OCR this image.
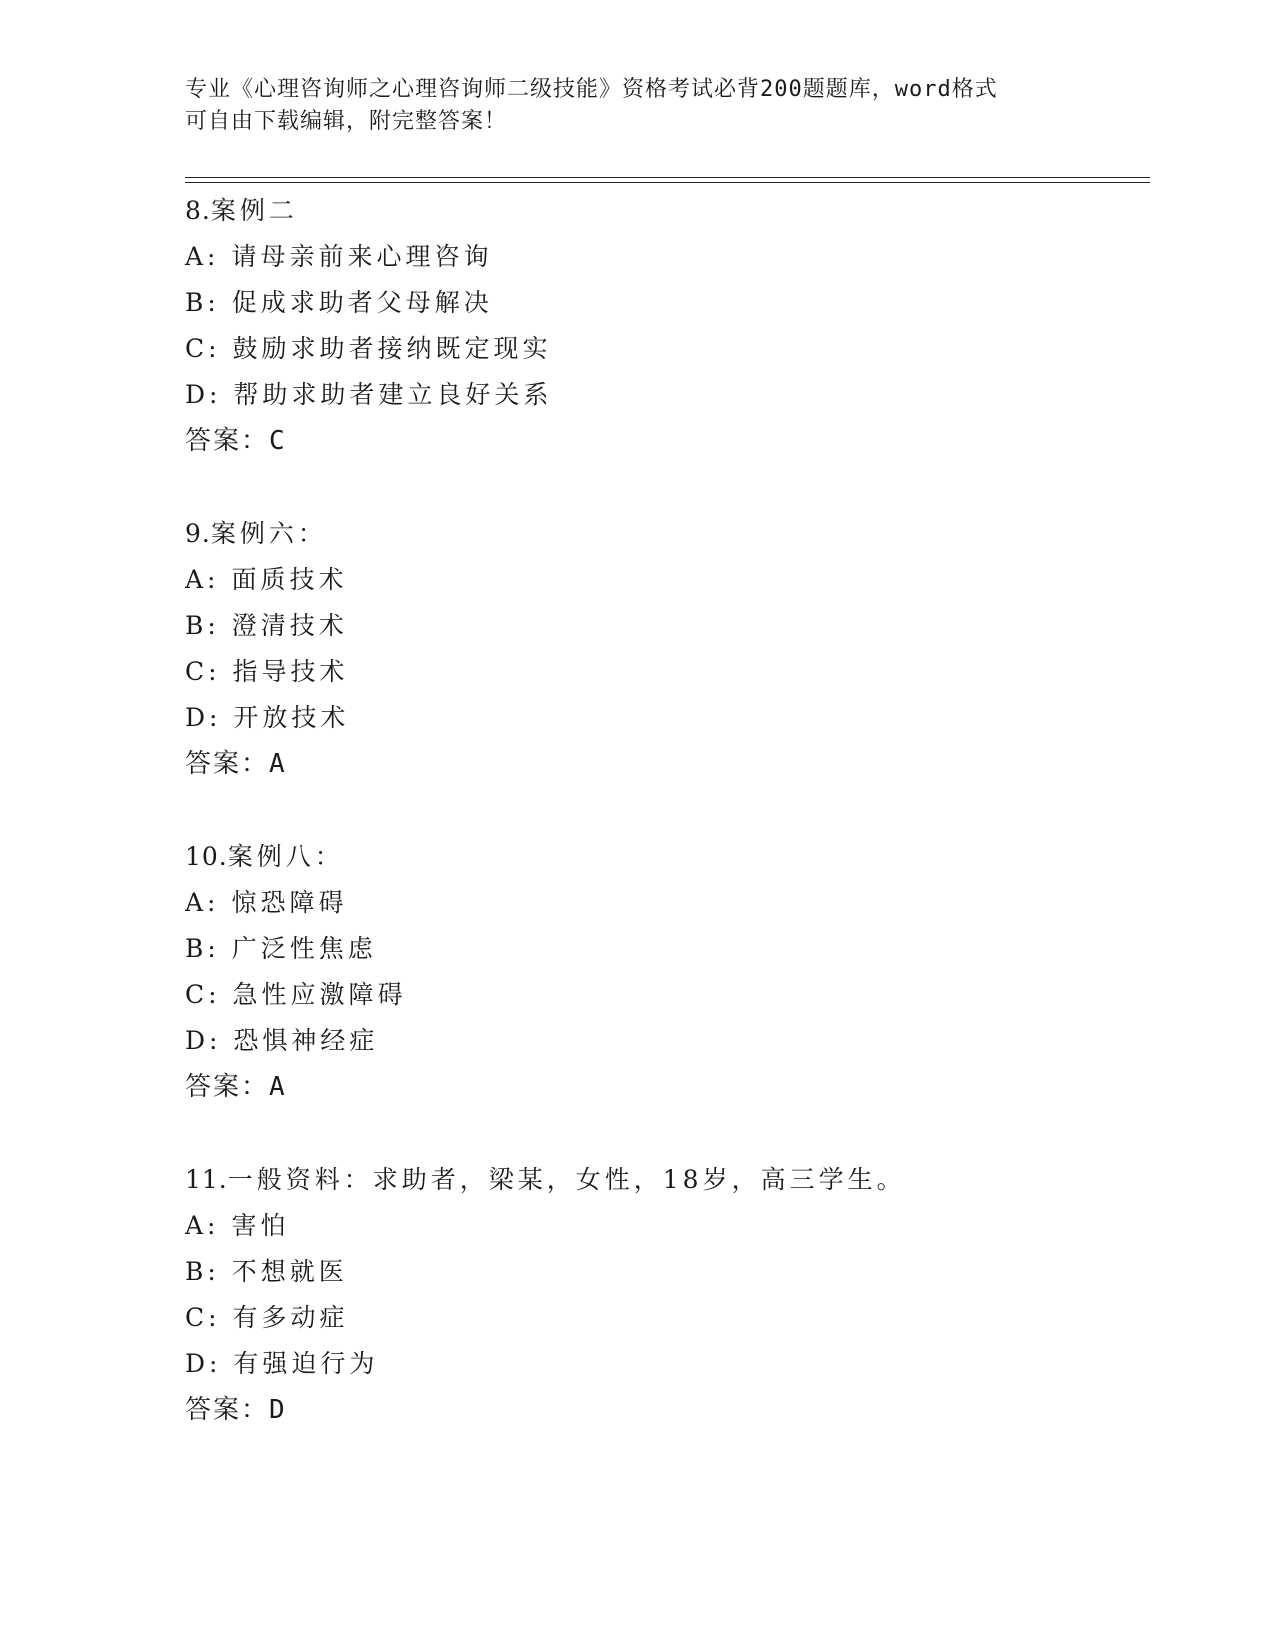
专业《心理咨询师之心理咨询师二级技能》资格考试必背200题题库，word格式
可自由下载编辑，附完整答案！
8.案例二
A: 请母亲前来心理咨询
B: 促成求助者父母解决
C: 鼓励求助者接纳既定现实
D: 帮助求助者建立良好关系
答案：C
9.案例六：
A: 面质技术
B: 澄清技术
C: 指导技术
D: 开放技术
答案：A
10.案例八：
A: 惊恐障碍
B: 广泛性焦虑
C: 急性应激障碍
D: 恐惧神经症
答案：A
11.一般资料：求助者，梁某，女性，18岁，高三学生。
A: 害怕
B: 不想就医
C: 有多动症
D: 有强迫行为
答案：D
